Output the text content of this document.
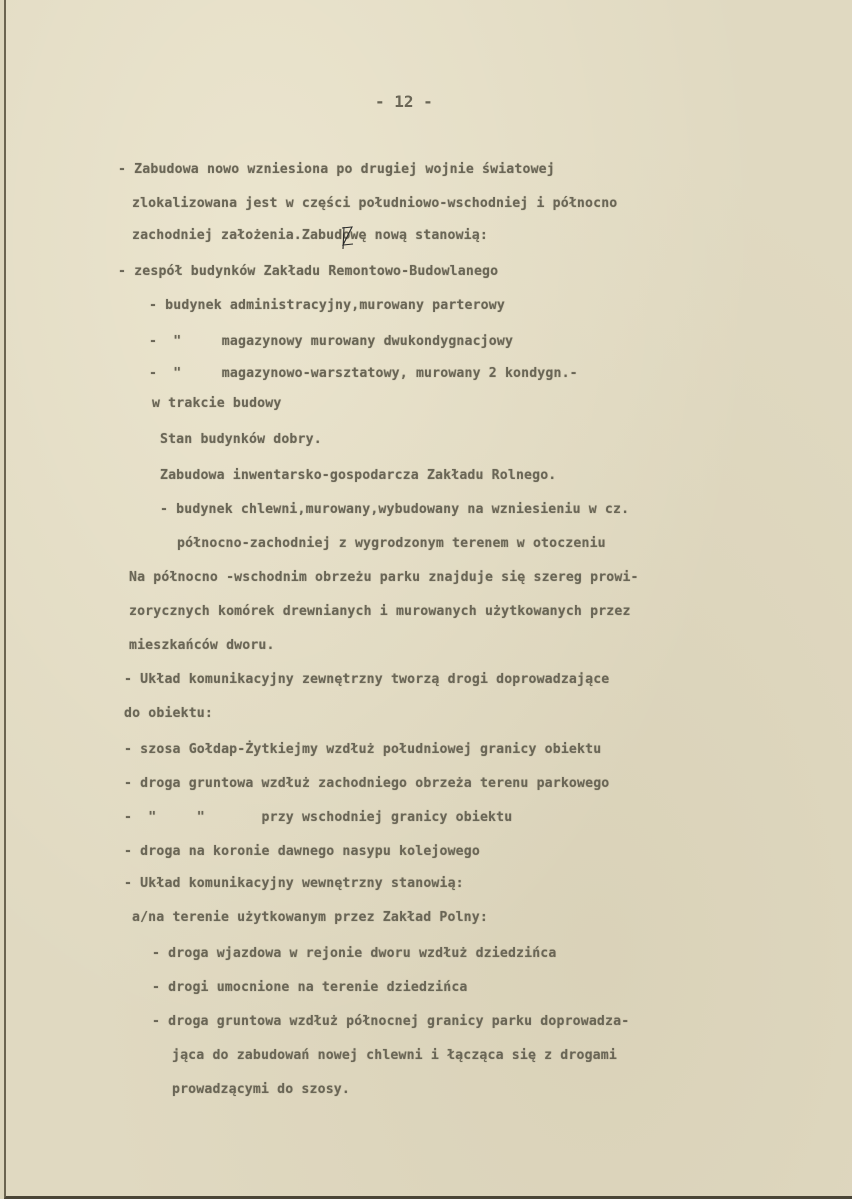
- 12 -
- Zabudowa nowo wzniesiona po drugiej wojnie światowej
zlokalizowana jest w części południowo-wschodniej i północno
zachodniej założenia.Zabudowę nową stanowią:
- zespół budynków Zakładu Remontowo-Budowlanego
- budynek administracyjny,murowany parterowy
-  "     magazynowy murowany dwukondygnacjowy
-  "     magazynowo-warsztatowy, murowany 2 kondygn.-
w trakcie budowy
Stan budynków dobry.
Zabudowa inwentarsko-gospodarcza Zakładu Rolnego.
- budynek chlewni,murowany,wybudowany na wzniesieniu w cz.
północno-zachodniej z wygrodzonym terenem w otoczeniu
Na północno -wschodnim obrzeżu parku znajduje się szereg prowi-
zorycznych komórek drewnianych i murowanych użytkowanych przez
mieszkańców dworu.
- Układ komunikacyjny zewnętrzny tworzą drogi doprowadzające
do obiektu:
- szosa Gołdap-Żytkiejmy wzdłuż południowej granicy obiektu
- droga gruntowa wzdłuż zachodniego obrzeża terenu parkowego
-  "     "       przy wschodniej granicy obiektu
- droga na koronie dawnego nasypu kolejowego
- Układ komunikacyjny wewnętrzny stanowią:
a/na terenie użytkowanym przez Zakład Polny:
- droga wjazdowa w rejonie dworu wzdłuż dziedzińca
- drogi umocnione na terenie dziedzińca
- droga gruntowa wzdłuż północnej granicy parku doprowadza-
jąca do zabudowań nowej chlewni i łącząca się z drogami
prowadzącymi do szosy.
